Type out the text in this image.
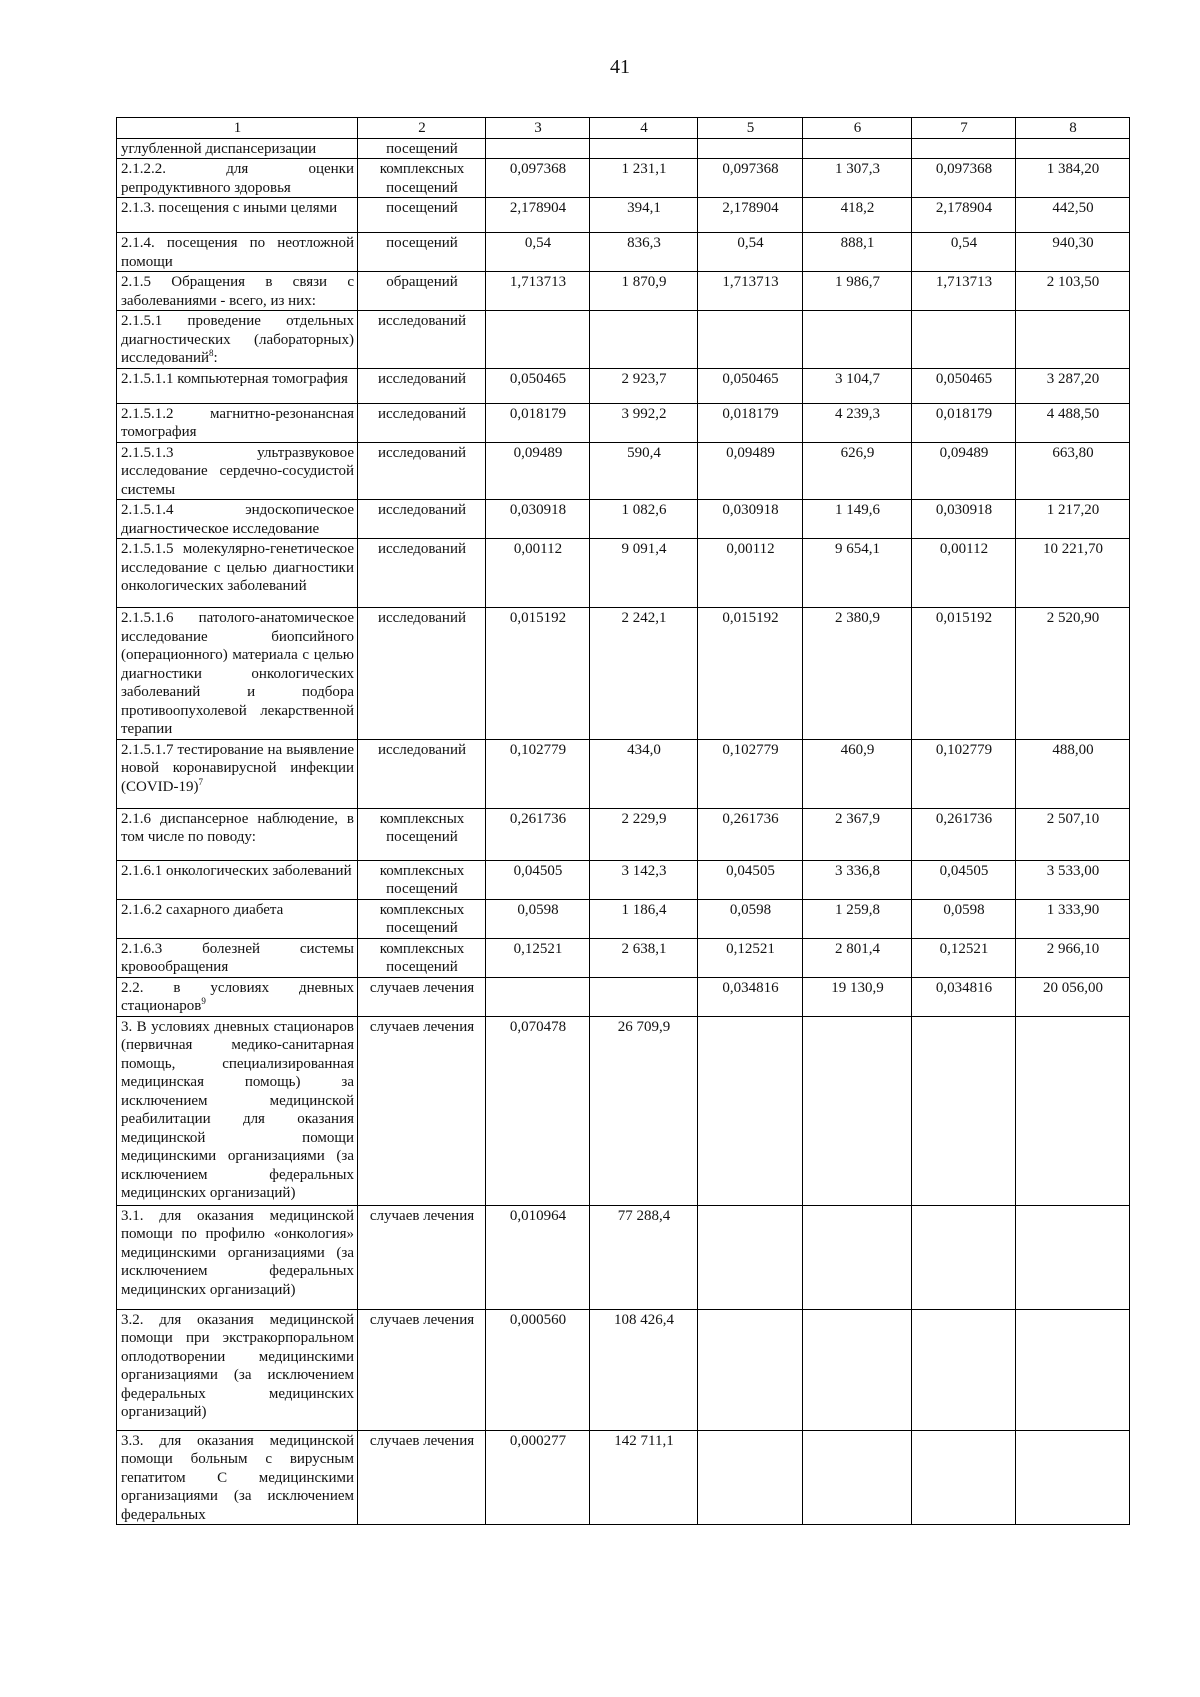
41
1	2	3	4	5	6	7	8
углубленной диспансеризации	посещений						
2.1.2.2. для оценки репродуктивного здоровья	комплексных посещений	0,097368	1 231,1	0,097368	1 307,3	0,097368	1 384,20
2.1.3. посещения с иными целями	посещений	2,178904	394,1	2,178904	418,2	2,178904	442,50
2.1.4. посещения по неотложной помощи	посещений	0,54	836,3	0,54	888,1	0,54	940,30
2.1.5 Обращения в связи с заболеваниями - всего, из них:	обращений	1,713713	1 870,9	1,713713	1 986,7	1,713713	2 103,50
2.1.5.1 проведение отдельных диагностических (лабораторных) исследований$^8$:	исследований						
2.1.5.1.1 компьютерная томография	исследований	0,050465	2 923,7	0,050465	3 104,7	0,050465	3 287,20
2.1.5.1.2 магнитно-резонансная томография	исследований	0,018179	3 992,2	0,018179	4 239,3	0,018179	4 488,50
2.1.5.1.3 ультразвуковое исследование сердечно-сосудистой системы	исследований	0,09489	590,4	0,09489	626,9	0,09489	663,80
2.1.5.1.4 эндоскопическое диагностическое исследование	исследований	0,030918	1 082,6	0,030918	1 149,6	0,030918	1 217,20
2.1.5.1.5 молекулярно-генетическое исследование с целью диагностики онкологических заболеваний	исследований	0,00112	9 091,4	0,00112	9 654,1	0,00112	10 221,70
2.1.5.1.6 патолого-анатомическое исследование биопсийного (операционного) материала с целью диагностики онкологических заболеваний и подбора противоопухолевой лекарственной терапии	исследований	0,015192	2 242,1	0,015192	2 380,9	0,015192	2 520,90
2.1.5.1.7 тестирование на выявление новой коронавирусной инфекции (COVID-19)$^7$	исследований	0,102779	434,0	0,102779	460,9	0,102779	488,00
2.1.6 диспансерное наблюдение, в том числе по поводу:	комплексных посещений	0,261736	2 229,9	0,261736	2 367,9	0,261736	2 507,10
2.1.6.1 онкологических заболеваний	комплексных посещений	0,04505	3 142,3	0,04505	3 336,8	0,04505	3 533,00
2.1.6.2 сахарного диабета	комплексных посещений	0,0598	1 186,4	0,0598	1 259,8	0,0598	1 333,90
2.1.6.3 болезней системы кровообращения	комплексных посещений	0,12521	2 638,1	0,12521	2 801,4	0,12521	2 966,10
2.2. в условиях дневных стационаров$^9$	случаев лечения			0,034816	19 130,9	0,034816	20 056,00
3. В условиях дневных стационаров (первичная медико-санитарная помощь, специализированная медицинская помощь) за исключением медицинской реабилитации для оказания медицинской помощи медицинскими организациями (за исключением федеральных медицинских организаций)	случаев лечения	0,070478	26 709,9				
3.1. для оказания медицинской помощи по профилю «онкология» медицинскими организациями (за исключением федеральных медицинских организаций)	случаев лечения	0,010964	77 288,4				
3.2. для оказания медицинской помощи при экстракорпоральном оплодотворении медицинскими организациями (за исключением федеральных медицинских организаций)	случаев лечения	0,000560	108 426,4				
3.3. для оказания медицинской помощи больным с вирусным гепатитом С медицинскими организациями (за исключением федеральных	случаев лечения	0,000277	142 711,1				
